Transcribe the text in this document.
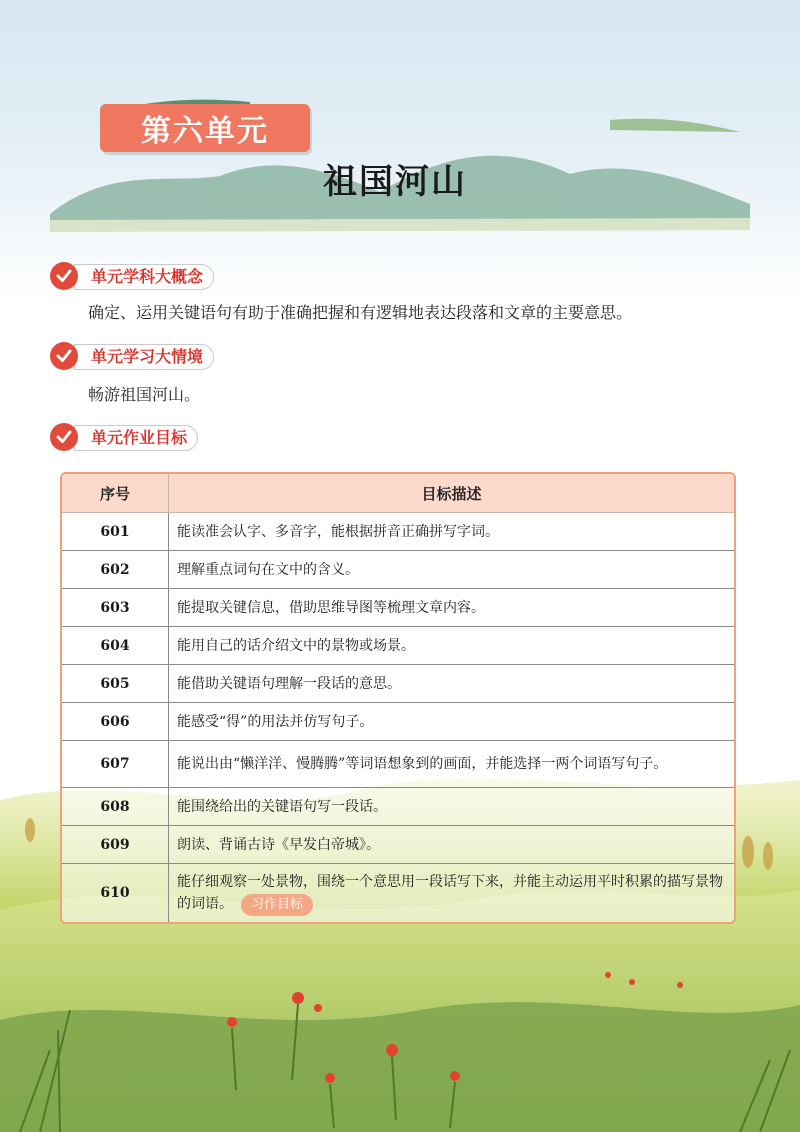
第六单元
祖国河山
单元学科大概念
确定、运用关键语句有助于准确把握和有逻辑地表达段落和文章的主要意思。
单元学习大情境
畅游祖国河山。
单元作业目标
序号	目标描述
601	能读准会认字、多音字，能根据拼音正确拼写字词。
602	理解重点词句在文中的含义。
603	能提取关键信息，借助思维导图等梳理文章内容。
604	能用自己的话介绍文中的景物或场景。
605	能借助关键语句理解一段话的意思。
606	能感受“得”的用法并仿写句子。
607	能说出由“懒洋洋、慢腾腾”等词语想象到的画面，并能选择一两个词语写句子。
608	能围绕给出的关键语句写一段话。
609	朗读、背诵古诗《早发白帝城》。
610	能仔细观察一处景物，围绕一个意思用一段话写下来，并能主动运用平时积累的描写景物的词语。 习作目标
